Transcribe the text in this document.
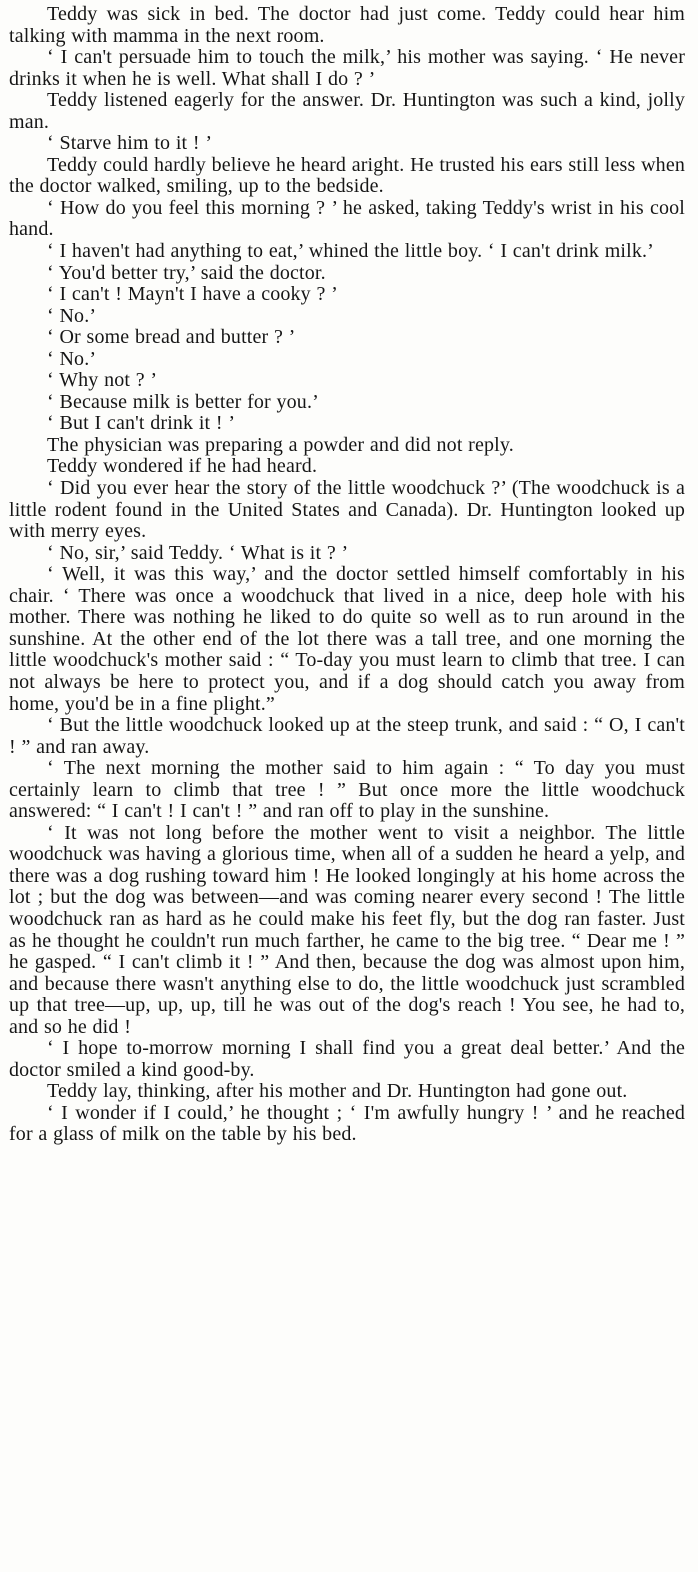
Teddy was sick in bed. The doctor had just come. Teddy could hear him talking with mamma in the next room.

‘ I can't persuade him to touch the milk,’ his mother was saying. ‘ He never drinks it when he is well. What shall I do ? ’

Teddy listened eagerly for the answer. Dr. Huntington was such a kind, jolly man.

‘ Starve him to it ! ’

Teddy could hardly believe he heard aright. He trusted his ears still less when the doctor walked, smiling, up to the bedside.

‘ How do you feel this morning ? ’ he asked, taking Teddy's wrist in his cool hand.

‘ I haven't had anything to eat,’ whined the little boy. ‘ I can't drink milk.’

‘ You'd better try,’ said the doctor.

‘ I can't ! Mayn't I have a cooky ? ’

‘ No.’

‘ Or some bread and butter ? ’

‘ No.’

‘ Why not ? ’

‘ Because milk is better for you.’

‘ But I can't drink it ! ’

The physician was preparing a powder and did not reply.

Teddy wondered if he had heard.

‘ Did you ever hear the story of the little woodchuck ?’ (The woodchuck is a little rodent found in the United States and Canada). Dr. Huntington looked up with merry eyes.

‘ No, sir,’ said Teddy. ‘ What is it ? ’

‘ Well, it was this way,’ and the doctor settled himself comfortably in his chair. ‘ There was once a woodchuck that lived in a nice, deep hole with his mother. There was nothing he liked to do quite so well as to run around in the sunshine. At the other end of the lot there was a tall tree, and one morning the little woodchuck's mother said : “ To-day you must learn to climb that tree. I can not always be here to protect you, and if a dog should catch you away from home, you'd be in a fine plight.”

‘ But the little woodchuck looked up at the steep trunk, and said : “ O, I can't ! ” and ran away.

‘ The next morning the mother said to him again : “ To day you must certainly learn to climb that tree ! ” But once more the little woodchuck answered: “ I can't ! I can't ! ” and ran off to play in the sunshine.

‘ It was not long before the mother went to visit a neighbor. The little woodchuck was having a glorious time, when all of a sudden he heard a yelp, and there was a dog rushing toward him ! He looked longingly at his home across the lot ; but the dog was between—and was coming nearer every second ! The little woodchuck ran as hard as he could make his feet fly, but the dog ran faster. Just as he thought he couldn't run much farther, he came to the big tree. “ Dear me ! ” he gasped. “ I can't climb it ! ” And then, because the dog was almost upon him, and because there wasn't anything else to do, the little woodchuck just scrambled up that tree—up, up, up, till he was out of the dog's reach ! You see, he had to, and so he did !

‘ I hope to-morrow morning I shall find you a great deal better.’ And the doctor smiled a kind good-by.

Teddy lay, thinking, after his mother and Dr. Huntington had gone out.

‘ I wonder if I could,’ he thought ; ‘ I'm awfully hungry ! ’ and he reached for a glass of milk on the table by his bed.
